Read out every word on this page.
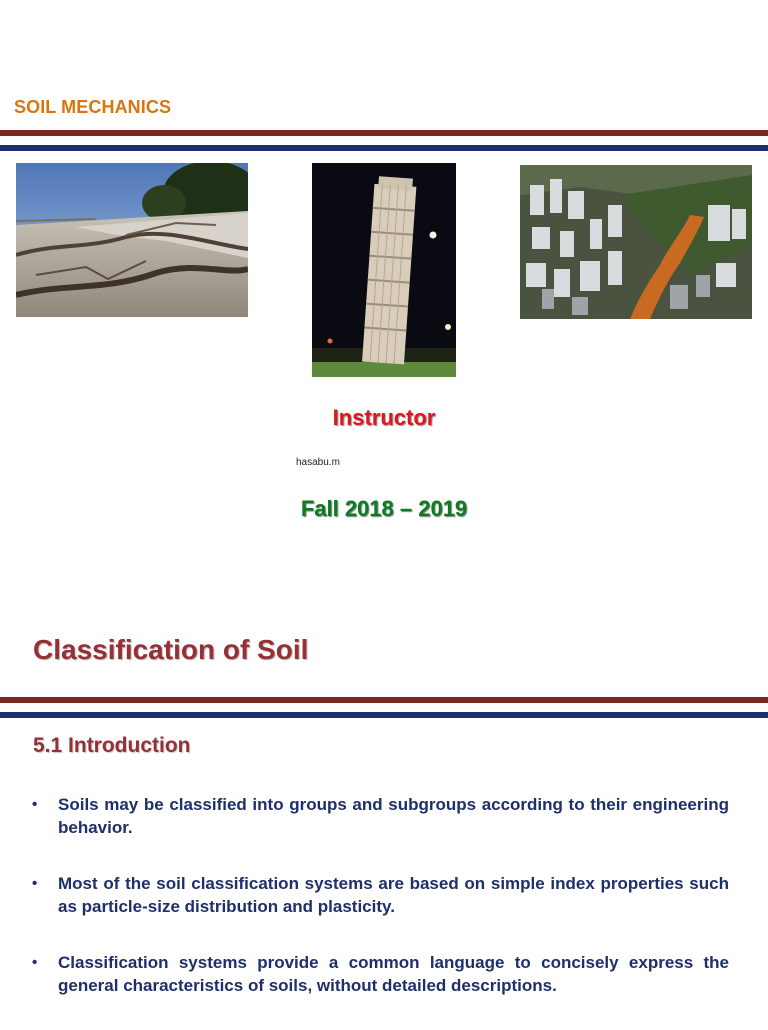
SOIL MECHANICS
Instructor

hasabu.m

Fall 2018 – 2019
Classification of Soil
5.1 Introduction
• Soils may be classified into groups and subgroups according to their engineering behavior.
• Most of the soil classification systems are based on simple index properties such as particle-size distribution and plasticity.
• Classification systems provide a common language to concisely express the general characteristics of soils, without detailed descriptions.
